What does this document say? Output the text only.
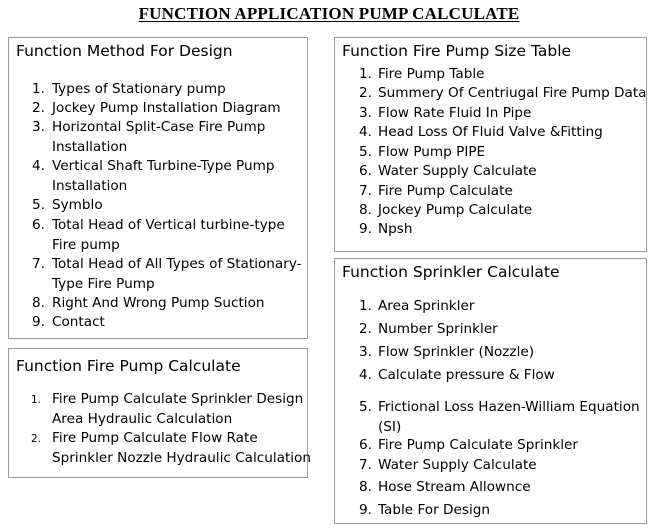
FUNCTION APPLICATION PUMP CALCULATE
Function Method For Design
1. Types of Stationary pump
2. Jockey Pump Installation Diagram
3. Horizontal Split-Case Fire Pump
Installation
4. Vertical Shaft Turbine-Type Pump
Installation
5. Symblo
6. Total Head of Vertical turbine-type
Fire pump
7. Total Head of All Types of Stationary-
Type Fire Pump
8. Right And Wrong Pump Suction
9. Contact
Function Fire Pump Calculate
1. Fire Pump Calculate Sprinkler Design
Area Hydraulic Calculation
2. Fire Pump Calculate Flow Rate
Sprinkler Nozzle Hydraulic Calculation
Function Fire Pump Size Table
1. Fire Pump Table
2. Summery Of Centriugal Fire Pump Data
3. Flow Rate Fluid In Pipe
4. Head Loss Of Fluid Valve &Fitting
5. Flow Pump PIPE
6. Water Supply Calculate
7. Fire Pump Calculate
8. Jockey Pump Calculate
9. Npsh
Function Sprinkler Calculate
1. Area Sprinkler
2. Number Sprinkler
3. Flow Sprinkler (Nozzle)
4. Calculate pressure & Flow
5. Frictional Loss Hazen-William Equation
(SI)
6. Fire Pump Calculate Sprinkler
7. Water Supply Calculate
8. Hose Stream Allownce
9. Table For Design
